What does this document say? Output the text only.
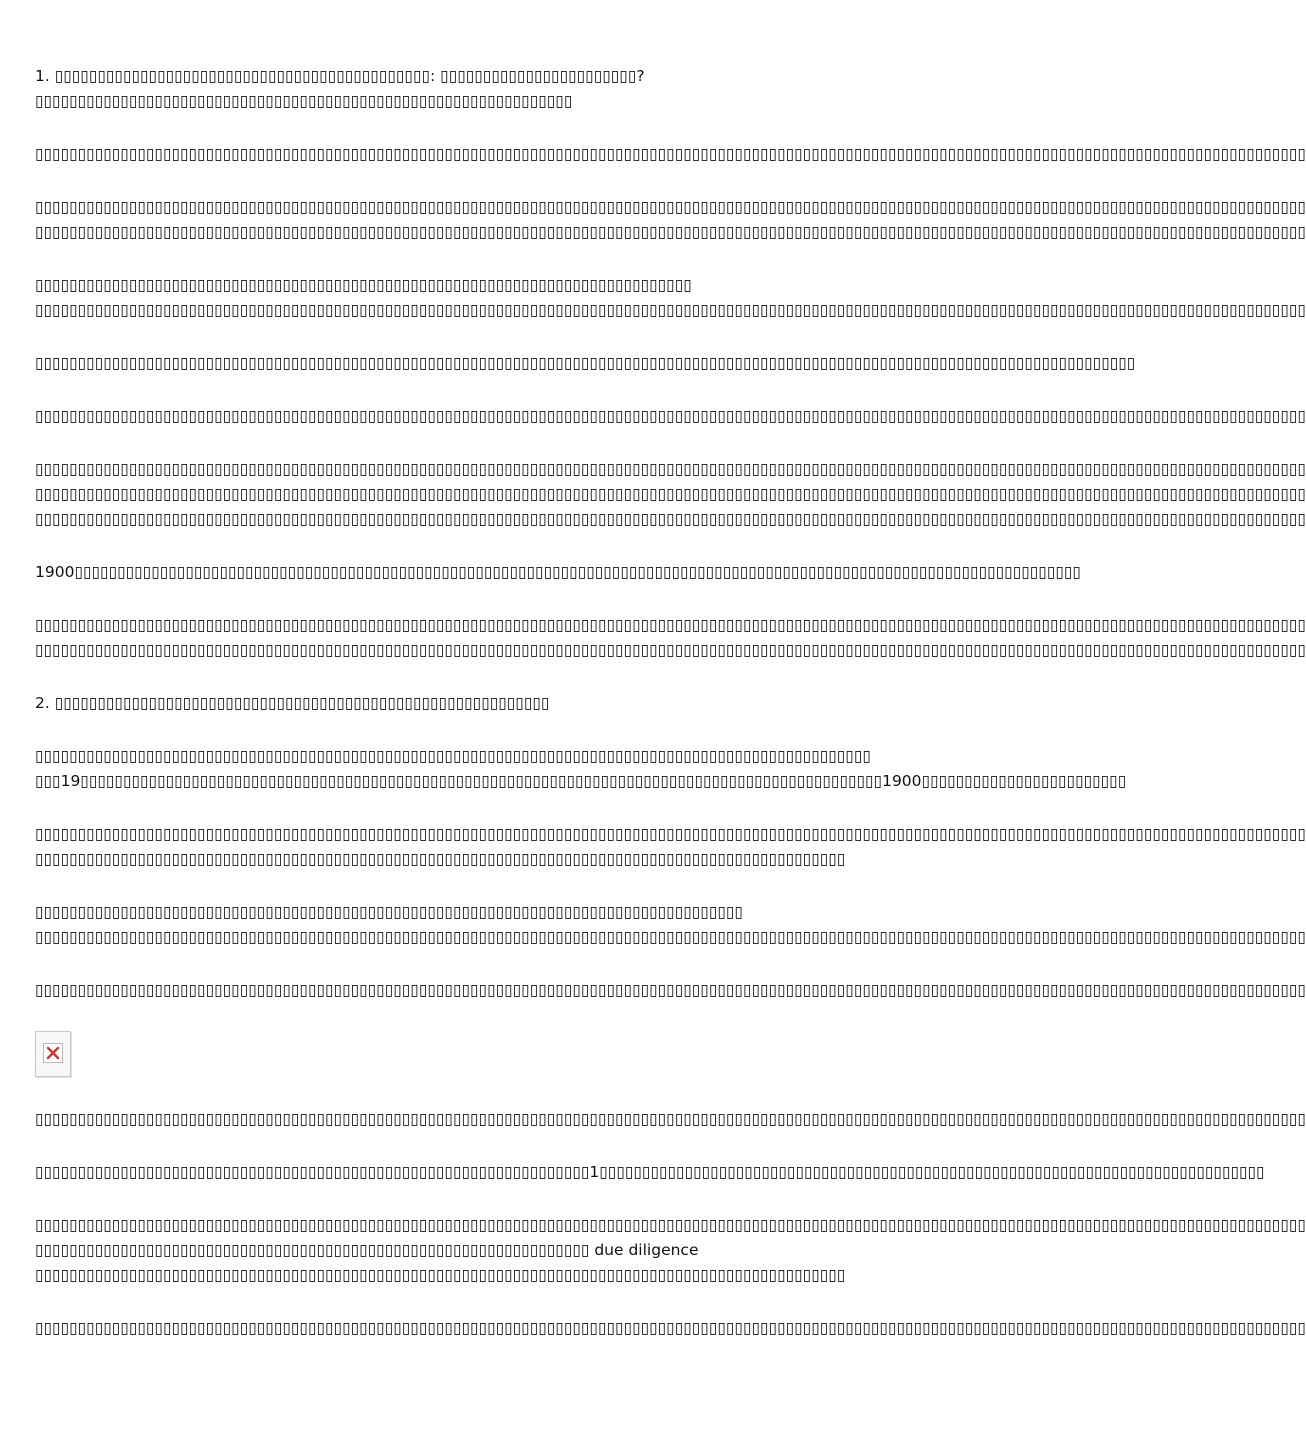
1. ▯▯▯▯▯▯▯▯▯▯▯▯▯▯▯▯▯▯▯▯▯▯▯▯▯▯▯▯▯▯▯▯▯▯▯▯▯▯▯▯▯▯▯▯: ▯▯▯▯▯▯▯▯▯▯▯▯▯▯▯▯▯▯▯▯▯▯▯?
▯▯▯▯▯▯▯▯▯▯▯▯▯▯▯▯▯▯▯▯▯▯▯▯▯▯▯▯▯▯▯▯▯▯▯▯▯▯▯▯▯▯▯▯▯▯▯▯▯▯▯▯▯▯▯▯▯▯▯▯▯▯▯

▯▯▯▯▯▯▯▯▯▯▯▯▯▯▯▯▯▯▯▯▯▯▯▯▯▯▯▯▯▯▯▯▯▯▯▯▯▯▯▯▯▯▯▯▯▯▯▯▯▯▯▯▯▯▯▯▯▯▯▯▯▯▯▯▯▯▯▯▯▯▯▯▯▯▯▯▯▯▯▯▯▯▯▯▯▯▯▯▯▯▯▯▯▯▯▯▯▯▯▯▯▯▯▯▯▯▯▯▯▯▯▯▯▯▯▯▯▯▯▯▯▯▯▯▯▯▯▯▯▯▯▯▯▯▯▯▯▯▯▯▯▯▯▯▯▯▯▯▯

▯▯▯▯▯▯▯▯▯▯▯▯▯▯▯▯▯▯▯▯▯▯▯▯▯▯▯▯▯▯▯▯▯▯▯▯▯▯▯▯▯▯▯▯▯▯▯▯▯▯▯▯▯▯▯▯▯▯▯▯▯▯▯▯▯▯▯▯▯▯▯▯▯▯▯▯▯▯▯▯▯▯▯▯▯▯▯▯▯▯▯▯▯▯▯▯▯▯▯▯▯▯▯▯▯▯▯▯▯▯▯▯▯▯▯▯▯▯▯▯▯▯▯▯▯▯▯▯▯▯▯▯▯▯▯▯▯▯▯▯▯▯▯▯▯▯▯▯▯
▯▯▯▯▯▯▯▯▯▯▯▯▯▯▯▯▯▯▯▯▯▯▯▯▯▯▯▯▯▯▯▯▯▯▯▯▯▯▯▯▯▯▯▯▯▯▯▯▯▯▯▯▯▯▯▯▯▯▯▯▯▯▯▯▯▯▯▯▯▯▯▯▯▯▯▯▯▯▯▯▯▯▯▯▯▯▯▯▯▯▯▯▯▯▯▯▯▯▯▯▯▯▯▯▯▯▯▯▯▯▯▯▯▯▯▯▯▯▯▯▯▯▯▯▯▯▯▯▯▯▯▯▯▯▯▯▯▯▯▯▯▯▯▯▯▯▯▯▯

▯▯▯▯▯▯▯▯▯▯▯▯▯▯▯▯▯▯▯▯▯▯▯▯▯▯▯▯▯▯▯▯▯▯▯▯▯▯▯▯▯▯▯▯▯▯▯▯▯▯▯▯▯▯▯▯▯▯▯▯▯▯▯▯▯▯▯▯▯▯▯▯▯▯▯▯▯
▯▯▯▯▯▯▯▯▯▯▯▯▯▯▯▯▯▯▯▯▯▯▯▯▯▯▯▯▯▯▯▯▯▯▯▯▯▯▯▯▯▯▯▯▯▯▯▯▯▯▯▯▯▯▯▯▯▯▯▯▯▯▯▯▯▯▯▯▯▯▯▯▯▯▯▯▯▯▯▯▯▯▯▯▯▯▯▯▯▯▯▯▯▯▯▯▯▯▯▯▯▯▯▯▯▯▯▯▯▯▯▯▯▯▯▯▯▯▯▯▯▯▯▯▯▯▯▯▯▯▯▯▯▯▯▯▯▯▯▯▯▯▯▯▯▯▯▯▯

▯▯▯▯▯▯▯▯▯▯▯▯▯▯▯▯▯▯▯▯▯▯▯▯▯▯▯▯▯▯▯▯▯▯▯▯▯▯▯▯▯▯▯▯▯▯▯▯▯▯▯▯▯▯▯▯▯▯▯▯▯▯▯▯▯▯▯▯▯▯▯▯▯▯▯▯▯▯▯▯▯▯▯▯▯▯▯▯▯▯▯▯▯▯▯▯▯▯▯▯▯▯▯▯▯▯▯▯▯▯▯▯▯▯▯▯▯▯▯▯▯▯▯▯▯▯▯▯▯

▯▯▯▯▯▯▯▯▯▯▯▯▯▯▯▯▯▯▯▯▯▯▯▯▯▯▯▯▯▯▯▯▯▯▯▯▯▯▯▯▯▯▯▯▯▯▯▯▯▯▯▯▯▯▯▯▯▯▯▯▯▯▯▯▯▯▯▯▯▯▯▯▯▯▯▯▯▯▯▯▯▯▯▯▯▯▯▯▯▯▯▯▯▯▯▯▯▯▯▯▯▯▯▯▯▯▯▯▯▯▯▯▯▯▯▯▯▯▯▯▯▯▯▯▯▯▯▯▯▯▯▯▯▯▯▯▯▯▯▯▯▯▯▯▯▯▯▯▯

▯▯▯▯▯▯▯▯▯▯▯▯▯▯▯▯▯▯▯▯▯▯▯▯▯▯▯▯▯▯▯▯▯▯▯▯▯▯▯▯▯▯▯▯▯▯▯▯▯▯▯▯▯▯▯▯▯▯▯▯▯▯▯▯▯▯▯▯▯▯▯▯▯▯▯▯▯▯▯▯▯▯▯▯▯▯▯▯▯▯▯▯▯▯▯▯▯▯▯▯▯▯▯▯▯▯▯▯▯▯▯▯▯▯▯▯▯▯▯▯▯▯▯▯▯▯▯▯▯▯▯▯▯▯▯▯▯▯▯▯▯▯▯▯▯▯▯▯▯
▯▯▯▯▯▯▯▯▯▯▯▯▯▯▯▯▯▯▯▯▯▯▯▯▯▯▯▯▯▯▯▯▯▯▯▯▯▯▯▯▯▯▯▯▯▯▯▯▯▯▯▯▯▯▯▯▯▯▯▯▯▯▯▯▯▯▯▯▯▯▯▯▯▯▯▯▯▯▯▯▯▯▯▯▯▯▯▯▯▯▯▯▯▯▯▯▯▯▯▯▯▯▯▯▯▯▯▯▯▯▯▯▯▯▯▯▯▯▯▯▯▯▯▯▯▯▯▯▯▯▯▯▯▯▯▯▯▯▯▯▯▯▯▯▯▯▯▯▯
▯▯▯▯▯▯▯▯▯▯▯▯▯▯▯▯▯▯▯▯▯▯▯▯▯▯▯▯▯▯▯▯▯▯▯▯▯▯▯▯▯▯▯▯▯▯▯▯▯▯▯▯▯▯▯▯▯▯▯▯▯▯▯▯▯▯▯▯▯▯▯▯▯▯▯▯▯▯▯▯▯▯▯▯▯▯▯▯▯▯▯▯▯▯▯▯▯▯▯▯▯▯▯▯▯▯▯▯▯▯▯▯▯▯▯▯▯▯▯▯▯▯▯▯▯▯▯▯▯▯▯▯▯▯▯▯▯▯▯▯▯▯▯▯▯▯▯▯▯

1900▯▯▯▯▯▯▯▯▯▯▯▯▯▯▯▯▯▯▯▯▯▯▯▯▯▯▯▯▯▯▯▯▯▯▯▯▯▯▯▯▯▯▯▯▯▯▯▯▯▯▯▯▯▯▯▯▯▯▯▯▯▯▯▯▯▯▯▯▯▯▯▯▯▯▯▯▯▯▯▯▯▯▯▯▯▯▯▯▯▯▯▯▯▯▯▯▯▯▯▯▯▯▯▯▯▯▯▯▯▯▯▯▯▯▯▯▯▯

▯▯▯▯▯▯▯▯▯▯▯▯▯▯▯▯▯▯▯▯▯▯▯▯▯▯▯▯▯▯▯▯▯▯▯▯▯▯▯▯▯▯▯▯▯▯▯▯▯▯▯▯▯▯▯▯▯▯▯▯▯▯▯▯▯▯▯▯▯▯▯▯▯▯▯▯▯▯▯▯▯▯▯▯▯▯▯▯▯▯▯▯▯▯▯▯▯▯▯▯▯▯▯▯▯▯▯▯▯▯▯▯▯▯▯▯▯▯▯▯▯▯▯▯▯▯▯▯▯▯▯▯▯▯▯▯▯▯▯▯▯▯▯▯▯▯▯▯▯
▯▯▯▯▯▯▯▯▯▯▯▯▯▯▯▯▯▯▯▯▯▯▯▯▯▯▯▯▯▯▯▯▯▯▯▯▯▯▯▯▯▯▯▯▯▯▯▯▯▯▯▯▯▯▯▯▯▯▯▯▯▯▯▯▯▯▯▯▯▯▯▯▯▯▯▯▯▯▯▯▯▯▯▯▯▯▯▯▯▯▯▯▯▯▯▯▯▯▯▯▯▯▯▯▯▯▯▯▯▯▯▯▯▯▯▯▯▯▯▯▯▯▯▯▯▯▯▯▯▯▯▯▯▯▯▯▯▯▯▯▯▯▯▯▯▯▯▯▯

2. ▯▯▯▯▯▯▯▯▯▯▯▯▯▯▯▯▯▯▯▯▯▯▯▯▯▯▯▯▯▯▯▯▯▯▯▯▯▯▯▯▯▯▯▯▯▯▯▯▯▯▯▯▯▯▯▯▯▯

▯▯▯▯▯▯▯▯▯▯▯▯▯▯▯▯▯▯▯▯▯▯▯▯▯▯▯▯▯▯▯▯▯▯▯▯▯▯▯▯▯▯▯▯▯▯▯▯▯▯▯▯▯▯▯▯▯▯▯▯▯▯▯▯▯▯▯▯▯▯▯▯▯▯▯▯▯▯▯▯▯▯▯▯▯▯▯▯▯▯▯▯▯▯▯▯▯▯
▯▯▯19▯▯▯▯▯▯▯▯▯▯▯▯▯▯▯▯▯▯▯▯▯▯▯▯▯▯▯▯▯▯▯▯▯▯▯▯▯▯▯▯▯▯▯▯▯▯▯▯▯▯▯▯▯▯▯▯▯▯▯▯▯▯▯▯▯▯▯▯▯▯▯▯▯▯▯▯▯▯▯▯▯▯▯▯▯▯▯▯▯▯▯▯▯▯1900▯▯▯▯▯▯▯▯▯▯▯▯▯▯▯▯▯▯▯▯▯▯▯▯

▯▯▯▯▯▯▯▯▯▯▯▯▯▯▯▯▯▯▯▯▯▯▯▯▯▯▯▯▯▯▯▯▯▯▯▯▯▯▯▯▯▯▯▯▯▯▯▯▯▯▯▯▯▯▯▯▯▯▯▯▯▯▯▯▯▯▯▯▯▯▯▯▯▯▯▯▯▯▯▯▯▯▯▯▯▯▯▯▯▯▯▯▯▯▯▯▯▯▯▯▯▯▯▯▯▯▯▯▯▯▯▯▯▯▯▯▯▯▯▯▯▯▯▯▯▯▯▯▯▯▯▯▯▯▯▯▯▯▯▯▯▯▯▯▯▯▯▯▯
▯▯▯▯▯▯▯▯▯▯▯▯▯▯▯▯▯▯▯▯▯▯▯▯▯▯▯▯▯▯▯▯▯▯▯▯▯▯▯▯▯▯▯▯▯▯▯▯▯▯▯▯▯▯▯▯▯▯▯▯▯▯▯▯▯▯▯▯▯▯▯▯▯▯▯▯▯▯▯▯▯▯▯▯▯▯▯▯▯▯▯▯▯▯▯

▯▯▯▯▯▯▯▯▯▯▯▯▯▯▯▯▯▯▯▯▯▯▯▯▯▯▯▯▯▯▯▯▯▯▯▯▯▯▯▯▯▯▯▯▯▯▯▯▯▯▯▯▯▯▯▯▯▯▯▯▯▯▯▯▯▯▯▯▯▯▯▯▯▯▯▯▯▯▯▯▯▯▯
▯▯▯▯▯▯▯▯▯▯▯▯▯▯▯▯▯▯▯▯▯▯▯▯▯▯▯▯▯▯▯▯▯▯▯▯▯▯▯▯▯▯▯▯▯▯▯▯▯▯▯▯▯▯▯▯▯▯▯▯▯▯▯▯▯▯▯▯▯▯▯▯▯▯▯▯▯▯▯▯▯▯▯▯▯▯▯▯▯▯▯▯▯▯▯▯▯▯▯▯▯▯▯▯▯▯▯▯▯▯▯▯▯▯▯▯▯▯▯▯▯▯▯▯▯▯▯▯▯▯▯▯▯▯▯▯▯▯▯▯▯▯▯▯▯▯▯▯▯

▯▯▯▯▯▯▯▯▯▯▯▯▯▯▯▯▯▯▯▯▯▯▯▯▯▯▯▯▯▯▯▯▯▯▯▯▯▯▯▯▯▯▯▯▯▯▯▯▯▯▯▯▯▯▯▯▯▯▯▯▯▯▯▯▯▯▯▯▯▯▯▯▯▯▯▯▯▯▯▯▯▯▯▯▯▯▯▯▯▯▯▯▯▯▯▯▯▯▯▯▯▯▯▯▯▯▯▯▯▯▯▯▯▯▯▯▯▯▯▯▯▯▯▯▯▯▯▯▯▯▯▯▯▯▯▯▯▯▯▯▯▯▯▯▯▯▯▯▯

▯▯▯▯▯▯▯▯▯▯▯▯▯▯▯▯▯▯▯▯▯▯▯▯▯▯▯▯▯▯▯▯▯▯▯▯▯▯▯▯▯▯▯▯▯▯▯▯▯▯▯▯▯▯▯▯▯▯▯▯▯▯▯▯▯▯▯▯▯▯▯▯▯▯▯▯▯▯▯▯▯▯▯▯▯▯▯▯▯▯▯▯▯▯▯▯▯▯▯▯▯▯▯▯▯▯▯▯▯▯▯▯▯▯▯▯▯▯▯▯▯▯▯▯▯▯▯▯▯▯▯▯▯▯▯▯▯▯▯▯▯▯▯▯▯▯▯▯▯

▯▯▯▯▯▯▯▯▯▯▯▯▯▯▯▯▯▯▯▯▯▯▯▯▯▯▯▯▯▯▯▯▯▯▯▯▯▯▯▯▯▯▯▯▯▯▯▯▯▯▯▯▯▯▯▯▯▯▯▯▯▯▯▯▯1▯▯▯▯▯▯▯▯▯▯▯▯▯▯▯▯▯▯▯▯▯▯▯▯▯▯▯▯▯▯▯▯▯▯▯▯▯▯▯▯▯▯▯▯▯▯▯▯▯▯▯▯▯▯▯▯▯▯▯▯▯▯▯▯▯▯▯▯▯▯▯▯▯▯▯▯▯▯

▯▯▯▯▯▯▯▯▯▯▯▯▯▯▯▯▯▯▯▯▯▯▯▯▯▯▯▯▯▯▯▯▯▯▯▯▯▯▯▯▯▯▯▯▯▯▯▯▯▯▯▯▯▯▯▯▯▯▯▯▯▯▯▯▯▯▯▯▯▯▯▯▯▯▯▯▯▯▯▯▯▯▯▯▯▯▯▯▯▯▯▯▯▯▯▯▯▯▯▯▯▯▯▯▯▯▯▯▯▯▯▯▯▯▯▯▯▯▯▯▯▯▯▯▯▯▯▯▯▯▯▯▯▯▯▯▯▯▯▯▯▯▯▯▯▯▯▯▯
▯▯▯▯▯▯▯▯▯▯▯▯▯▯▯▯▯▯▯▯▯▯▯▯▯▯▯▯▯▯▯▯▯▯▯▯▯▯▯▯▯▯▯▯▯▯▯▯▯▯▯▯▯▯▯▯▯▯▯▯▯▯▯▯▯ due diligence
▯▯▯▯▯▯▯▯▯▯▯▯▯▯▯▯▯▯▯▯▯▯▯▯▯▯▯▯▯▯▯▯▯▯▯▯▯▯▯▯▯▯▯▯▯▯▯▯▯▯▯▯▯▯▯▯▯▯▯▯▯▯▯▯▯▯▯▯▯▯▯▯▯▯▯▯▯▯▯▯▯▯▯▯▯▯▯▯▯▯▯▯▯▯▯

▯▯▯▯▯▯▯▯▯▯▯▯▯▯▯▯▯▯▯▯▯▯▯▯▯▯▯▯▯▯▯▯▯▯▯▯▯▯▯▯▯▯▯▯▯▯▯▯▯▯▯▯▯▯▯▯▯▯▯▯▯▯▯▯▯▯▯▯▯▯▯▯▯▯▯▯▯▯▯▯▯▯▯▯▯▯▯▯▯▯▯▯▯▯▯▯▯▯▯▯▯▯▯▯▯▯▯▯▯▯▯▯▯▯▯▯▯▯▯▯▯▯▯▯▯▯▯▯▯▯▯▯▯▯▯▯▯▯▯▯▯▯▯▯▯▯▯▯▯
